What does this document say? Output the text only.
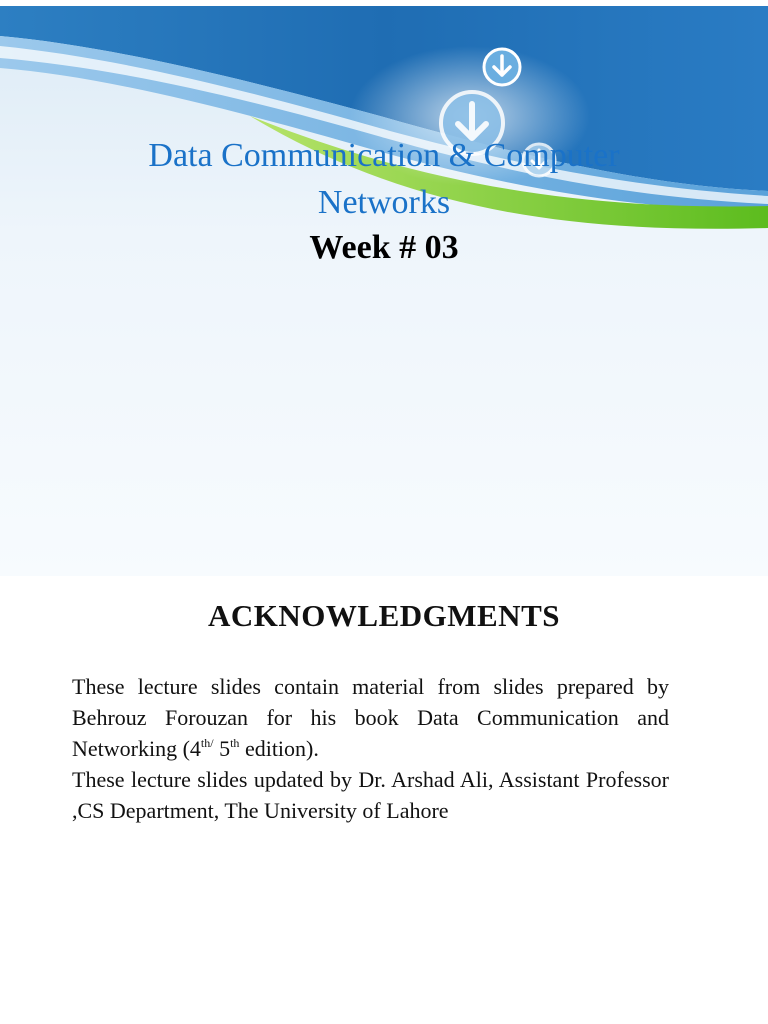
Data Communication & Computer
Networks
Week # 03
ACKNOWLEDGMENTS

These lecture slides contain material from slides prepared by Behrouz Forouzan for his book Data Communication and Networking ($4^{th/}$ 5th edition).

These lecture slides updated by Dr. Arshad Ali, Assistant Professor ,CS Department, The University of Lahore
